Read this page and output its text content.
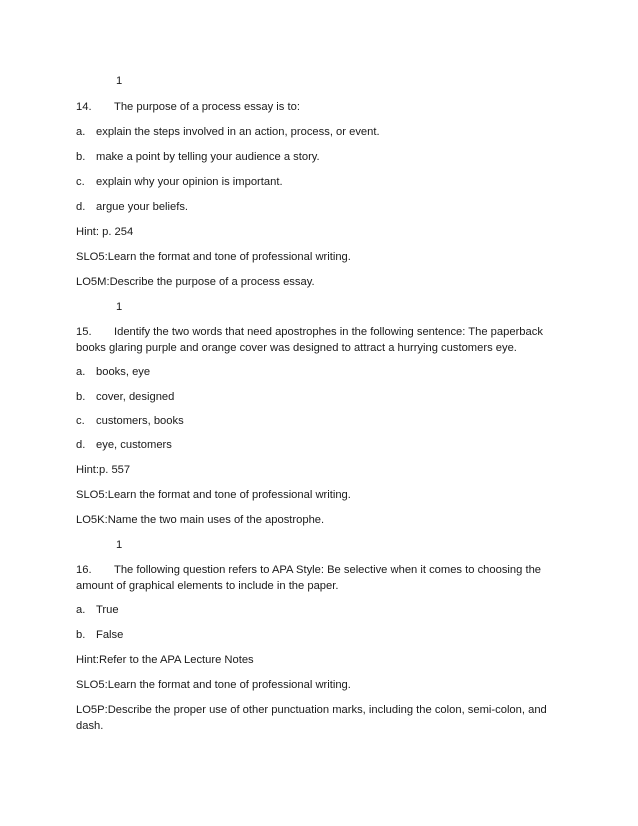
1
14. The purpose of a process essay is to:
a. explain the steps involved in an action, process, or event.
b. make a point by telling your audience a story.
c. explain why your opinion is important.
d. argue your beliefs.
Hint: p. 254
SLO5:Learn the format and tone of professional writing.
LO5M:Describe the purpose of a process essay.
1
15. Identify the two words that need apostrophes in the following sentence: The paperback
books glaring purple and orange cover was designed to attract a hurrying customers eye.
a. books, eye
b. cover, designed
c. customers, books
d. eye, customers
Hint:p. 557
SLO5:Learn the format and tone of professional writing.
LO5K:Name the two main uses of the apostrophe.
1
16. The following question refers to APA Style: Be selective when it comes to choosing the
amount of graphical elements to include in the paper.
a. True
b. False
Hint:Refer to the APA Lecture Notes
SLO5:Learn the format and tone of professional writing.
LO5P:Describe the proper use of other punctuation marks, including the colon, semi-colon, and
dash.
